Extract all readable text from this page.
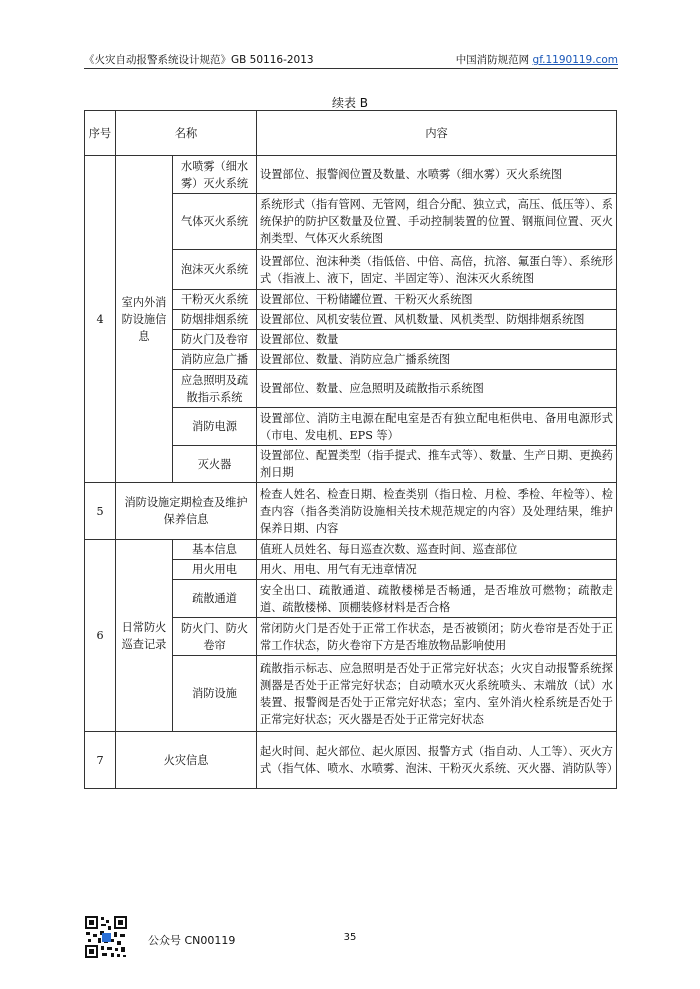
《火灾自动报警系统设计规范》GB 50116-2013	中国消防规范网 gf.1190119.com
续表 B
序号	名称		内容
4	室内外消防设施信息	水喷雾（细水雾）灭火系统	设置部位、报警阀位置及数量、水喷雾（细水雾）灭火系统图
		气体灭火系统	系统形式（指有管网、无管网，组合分配、独立式，高压、低压等）、系统保护的防护区数量及位置、手动控制装置的位置、钢瓶间位置、灭火剂类型、气体灭火系统图
		泡沫灭火系统	设置部位、泡沫种类（指低倍、中倍、高倍，抗溶、氟蛋白等）、系统形式（指液上、液下，固定、半固定等）、泡沫灭火系统图
		干粉灭火系统	设置部位、干粉储罐位置、干粉灭火系统图
		防烟排烟系统	设置部位、风机安装位置、风机数量、风机类型、防烟排烟系统图
		防火门及卷帘	设置部位、数量
		消防应急广播	设置部位、数量、消防应急广播系统图
		应急照明及疏散指示系统	设置部位、数量、应急照明及疏散指示系统图
		消防电源	设置部位、消防主电源在配电室是否有独立配电柜供电、备用电源形式（市电、发电机、EPS 等）
		灭火器	设置部位、配置类型（指手提式、推车式等）、数量、生产日期、更换药剂日期
5	消防设施定期检查及维护保养信息		检查人姓名、检查日期、检查类别（指日检、月检、季检、年检等）、检查内容（指各类消防设施相关技术规范规定的内容）及处理结果，维护保养日期、内容
6	日常防火巡查记录	基本信息	值班人员姓名、每日巡查次数、巡查时间、巡查部位
		用火用电	用火、用电、用气有无违章情况
		疏散通道	安全出口、疏散通道、疏散楼梯是否畅通，是否堆放可燃物；疏散走道、疏散楼梯、顶棚装修材料是否合格
		防火门、防火卷帘	常闭防火门是否处于正常工作状态，是否被锁闭；防火卷帘是否处于正常工作状态，防火卷帘下方是否堆放物品影响使用
		消防设施	疏散指示标志、应急照明是否处于正常完好状态；火灾自动报警系统探测器是否处于正常完好状态；自动喷水灭火系统喷头、末端放（试）水装置、报警阀是否处于正常完好状态；室内、室外消火栓系统是否处于正常完好状态；灭火器是否处于正常完好状态
7	火灾信息		起火时间、起火部位、起火原因、报警方式（指自动、人工等）、灭火方式（指气体、喷水、水喷雾、泡沫、干粉灭火系统、灭火器、消防队等）
公众号 CN00119	35
